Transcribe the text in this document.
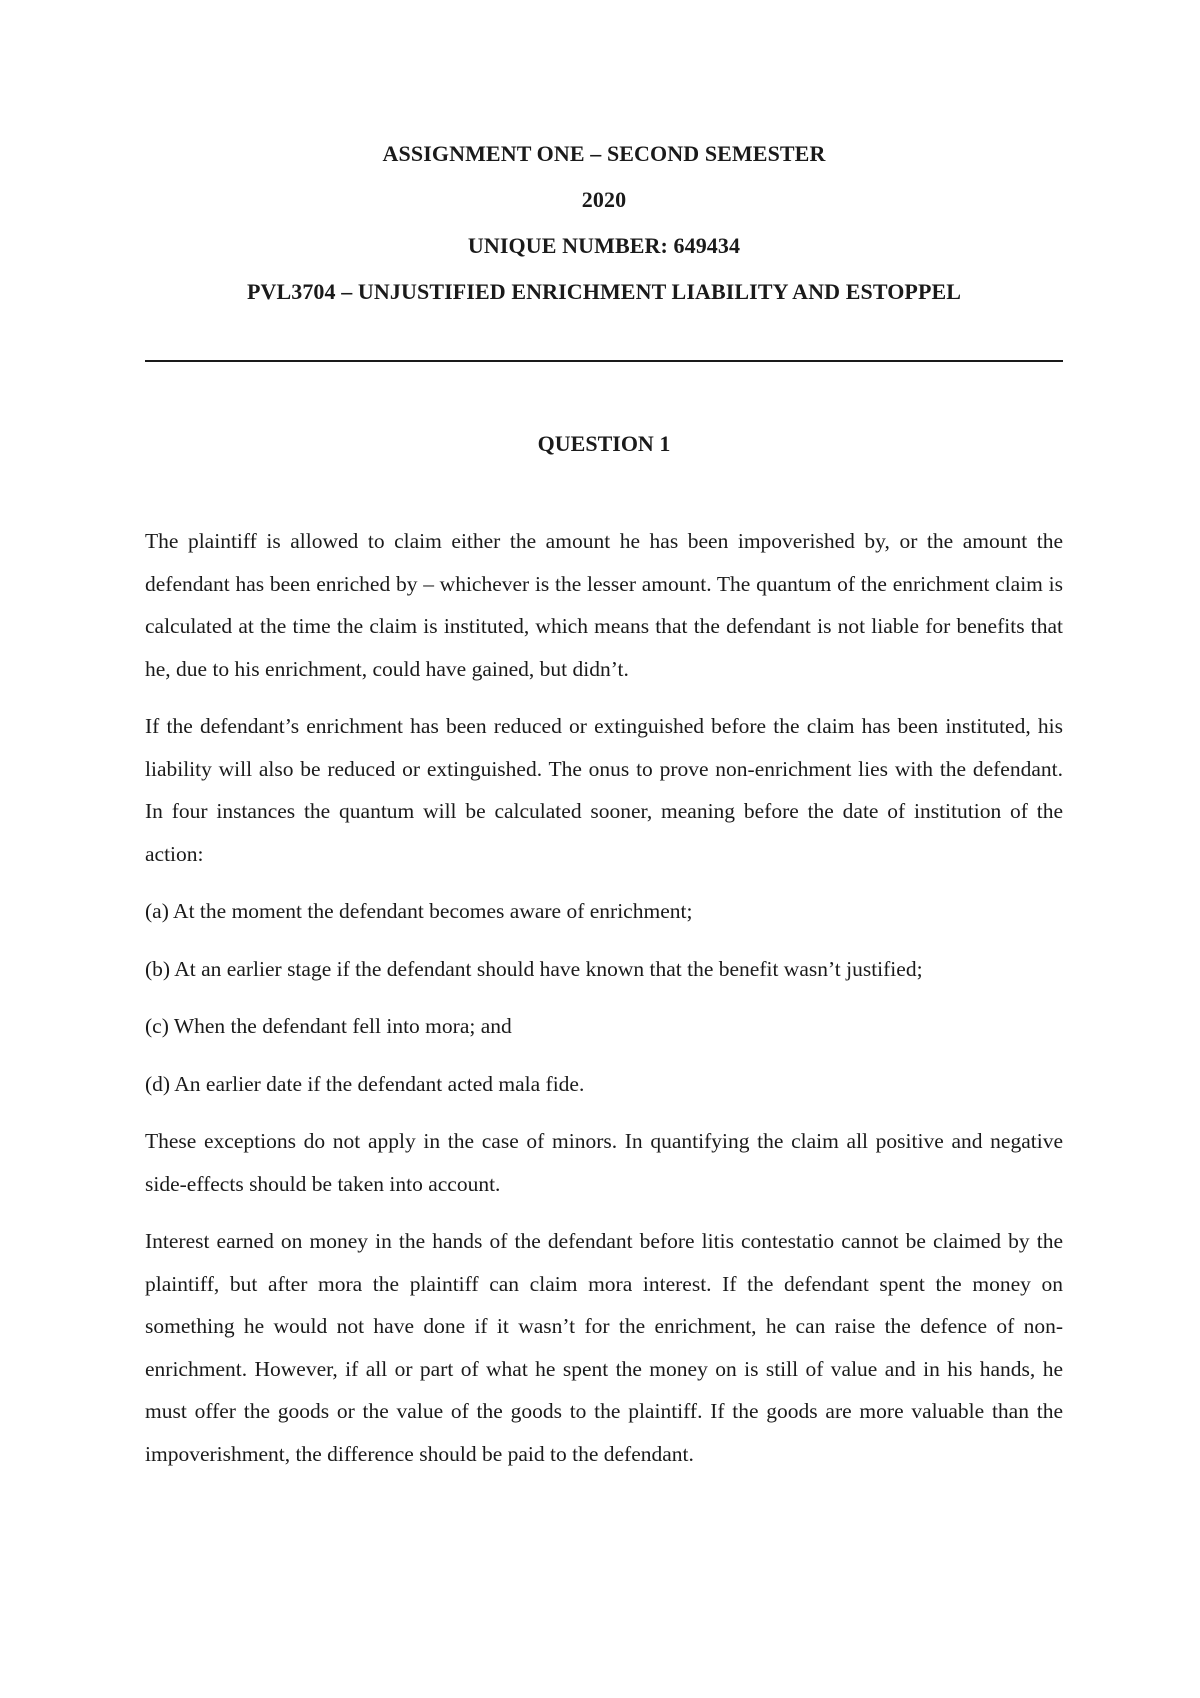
ASSIGNMENT ONE – SECOND SEMESTER

2020

UNIQUE NUMBER: 649434

PVL3704 – UNJUSTIFIED ENRICHMENT LIABILITY AND ESTOPPEL

QUESTION 1

The plaintiff is allowed to claim either the amount he has been impoverished by, or the amount the defendant has been enriched by – whichever is the lesser amount. The quantum of the enrichment claim is calculated at the time the claim is instituted, which means that the defendant is not liable for benefits that he, due to his enrichment, could have gained, but didn’t.

If the defendant’s enrichment has been reduced or extinguished before the claim has been instituted, his liability will also be reduced or extinguished. The onus to prove non-enrichment lies with the defendant. In four instances the quantum will be calculated sooner, meaning before the date of institution of the action:

(a) At the moment the defendant becomes aware of enrichment;

(b) At an earlier stage if the defendant should have known that the benefit wasn’t justified;

(c) When the defendant fell into mora; and

(d) An earlier date if the defendant acted mala fide.

These exceptions do not apply in the case of minors. In quantifying the claim all positive and negative side-effects should be taken into account.

Interest earned on money in the hands of the defendant before litis contestatio cannot be claimed by the plaintiff, but after mora the plaintiff can claim mora interest. If the defendant spent the money on something he would not have done if it wasn’t for the enrichment, he can raise the defence of non-enrichment. However, if all or part of what he spent the money on is still of value and in his hands, he must offer the goods or the value of the goods to the plaintiff. If the goods are more valuable than the impoverishment, the difference should be paid to the defendant.
